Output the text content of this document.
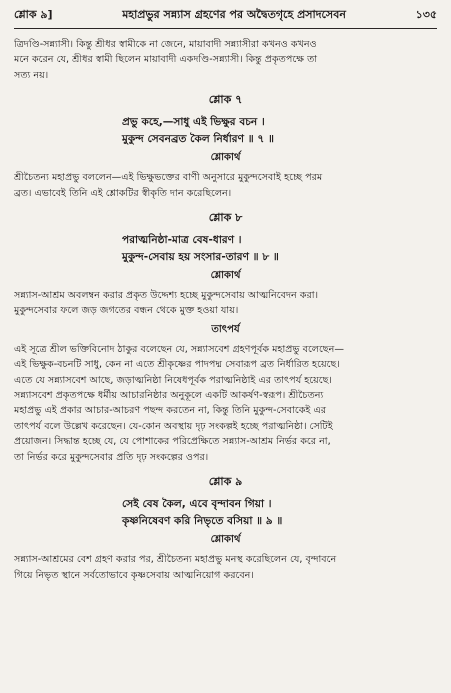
শ্লোক ৯]	মহাপ্রভুর সন্ন্যাস গ্রহণের পর অদ্বৈতগৃহে প্রসাদসেবন	১৩৫
ত্রিদণ্ডি-সন্ন্যাসী। কিন্তু শ্রীধর স্বামীকে না জেনে, মায়াবাদী সন্ন্যাসীরা কখনও কখনও
মনে করেন যে, শ্রীধর স্বামী ছিলেন মায়াবাদী একদণ্ডি-সন্ন্যাসী। কিন্তু প্রকৃতপক্ষে তা
সত্য নয়।
শ্লোক ৭
প্রভু কহে,—সাধু এই ভিক্ষুর বচন ।
মুকুন্দ সেবনব্রত কৈল নির্ধারণ ॥ ৭ ॥
শ্লোকার্থ
শ্রীচৈতন্য মহাপ্রভু বললেন—এই ভিক্ষুভক্তের বাণী অনুসারে মুকুন্দসেবাই হচ্ছে পরম
ব্রত। এভাবেই তিনি এই শ্লোকটির স্বীকৃতি দান করেছিলেন।
শ্লোক ৮
পরাত্মনিষ্ঠা-মাত্র বেষ-ধারণ ।
মুকুন্দ-সেবায় হয় সংসার-তারণ ॥ ৮ ॥
শ্লোকার্থ
সন্ন্যাস-আশ্রম অবলম্বন করার প্রকৃত উদ্দেশ্য হচ্ছে মুকুন্দসেবায় আত্মনিবেদন করা।
মুকুন্দসেবার ফলে জড় জগতের বন্ধন থেকে মুক্ত হওয়া যায়।
তাৎপর্য
এই সূত্রে শ্রীল ভক্তিবিনোদ ঠাকুর বলেছেন যে, সন্ন্যাসবেশ গ্রহণপূর্বক মহাপ্রভু বলেছেন—
এই ভিক্ষুক-বচনটি সাধু, কেন না এতে শ্রীকৃষ্ণের পাদপদ্ম সেবারূপ ব্রত নির্ধারিত হয়েছে।
এতে যে সন্ন্যাসবেশ আছে, জড়াত্মনিষ্ঠা নিষেধপূর্বক পরাত্মনিষ্ঠাই এর তাৎপর্য হয়েছে।
সন্ন্যাসবেশ প্রকৃতপক্ষে ধর্মীয় আচারনিষ্ঠার অনুকূলে একটি আকর্ষণ-স্বরূপ। শ্রীচৈতন্য
মহাপ্রভু এই প্রকার আচার-আচরণ পছন্দ করতেন না, কিন্তু তিনি মুকুন্দ-সেবাকেই এর
তাৎপর্য বলে উল্লেখ করেছেন। যে-কোন অবস্থায় দৃঢ় সংকল্পই হচ্ছে পরাত্মনিষ্ঠা। সেটিই
প্রয়োজন। সিদ্ধান্ত হচ্ছে যে, যে পোশাকের পরিপ্রেক্ষিতে সন্ন্যাস-আশ্রম নির্ভর করে না,
তা নির্ভর করে মুকুন্দসেবার প্রতি দৃঢ় সংকল্পের ওপর।
শ্লোক ৯
সেই বেষ কৈল, এবে বৃন্দাবন গিয়া ।
কৃষ্ণনিষেবণ করি নিভৃতে বসিয়া ॥ ৯ ॥
শ্লোকার্থ
সন্ন্যাস-আশ্রমের বেশ গ্রহণ করার পর, শ্রীচৈতন্য মহাপ্রভু মনস্থ করেছিলেন যে, বৃন্দাবনে
গিয়ে নিভৃত স্থানে সর্বতোভাবে কৃষ্ণসেবায় আত্মনিয়োগ করবেন।
